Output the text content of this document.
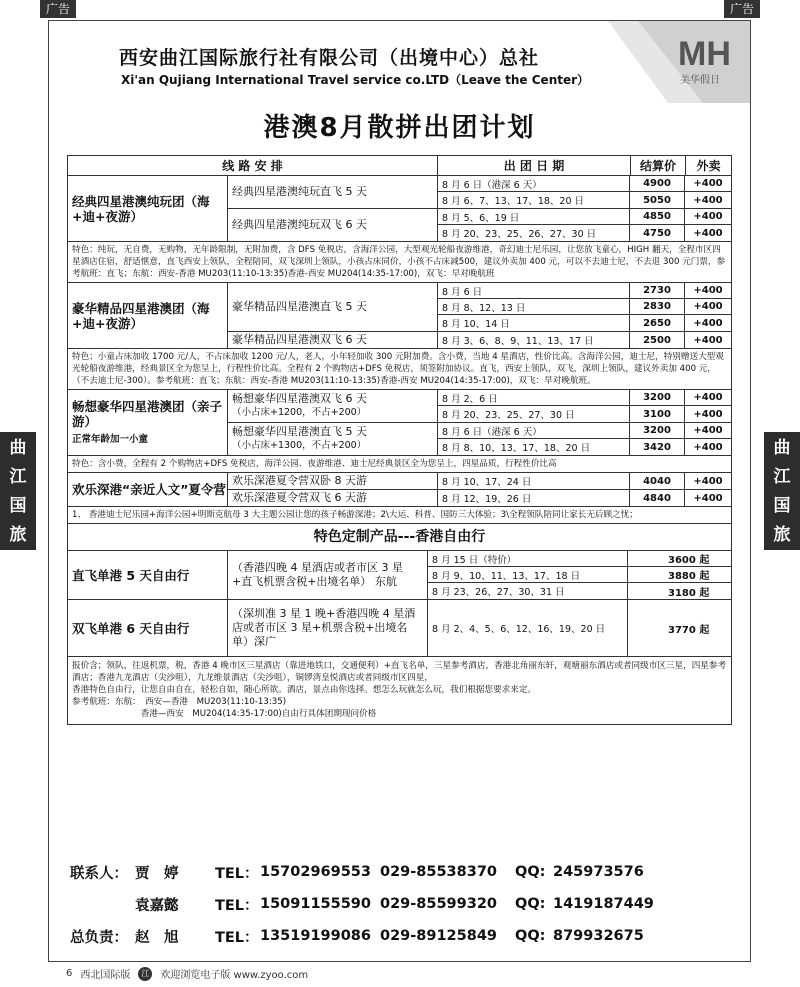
广告	广告
曲
江
国
旅
曲
江
国
旅
西安曲江国际旅行社有限公司（出境中心）总社
Xi'an Qujiang International Travel service co.LTD（Leave the Center）
MH
美华假日
港澳8月散拼出团计划
线 路 安 排	出 团 日 期	结算价	外卖
经典四星港澳纯玩团（海+迪+夜游）
经典四星港澳纯玩直飞 5 天	8 月 6 日（港深 6 天）	4900	+400
8 月 6、7、13、17、18、20 日	5050	+400
经典四星港澳纯玩双飞 6 天	8 月 5、6、19 日	4850	+400
8 月 20、23、25、26、27、30 日	4750	+400
特色：纯玩，无自费，无购物，无年龄限制，无附加费，含 DFS 免税店，含海洋公园，大型观光轮船夜游维港，奇幻迪士尼乐园，让您放飞童心，HIGH 翻天，全程市区四星酒店住宿，舒适惬意，直飞西安上领队，全程陪同，双飞深圳上领队，小孩占床同价，小孩不占床减500，建议外卖加 400 元，可以不去迪士尼，不去退 300 元门票，参考航班：直飞；东航：西安-香港 MU203(11:10-13:35)香港-西安 MU204(14:35-17:00)，双飞：早对晚航班
豪华精品四星港澳团（海+迪+夜游）
豪华精品四星港澳直飞 5 天
8 月 6 日	2730	+400
8 月 8、12、13 日	2830	+400
8 月 10、14 日	2650	+400
豪华精品四星港澳双飞 6 天	8 月 3、6、8、9、11、13、17 日	2500	+400
特色；小童占床加收 1700 元/人，不占床加收 1200 元/人，老人，小年轻加收 300 元附加费。含小费，当地 4 星酒店，性价比高。含海洋公园，迪士尼，特别赠送大型观光轮船夜游维港，经典景区全为您呈上，行程性价比高。全程有 2 个购物店+DFS 免税店，须签附加协议。直飞，西安上领队，双飞，深圳上领队，建议外卖加 400 元，（不去迪士尼-300）。参考航班：直飞；东航：西安-香港 MU203(11:10-13:35)香港-西安 MU204(14:35-17:00)，双飞：早对晚航班。
畅想豪华四星港澳团（亲子游）
正常年龄加一小童
畅想豪华四星港澳双飞 6 天
（小占床+1200，不占+200）
8 月 2、6 日	3200	+400
8 月 20、23、25、27、30 日	3100	+400
畅想豪华四星港澳直飞 5 天
（小占床+1300，不占+200）
8 月 6 日（港深 6 天）	3200	+400
8 月 8、10、13、17、18、20 日	3420	+400
特色：含小费，全程有 2 个购物店+DFS 免税店，海洋公园、夜游维港、迪士尼经典景区全为您呈上，四星品质，行程性价比高
欢乐深港“亲近人文”夏令营
欢乐深港夏令营双卧 8 天游	8 月 10、17、24 日	4040	+400
欢乐深港夏令营双飞 6 天游	8 月 12、19、26 日	4840	+400
1、 香港迪士尼乐园+海洋公园+明斯克航母 3 大主题公园让您的孩子畅游深港；2\大运、科普、国防三大体验；3\全程领队陪同让家长无后顾之忧；
特色定制产品---香港自由行
直飞单港 5 天自由行	（香港四晚 4 星酒店或者市区 3 星+直飞机票含税+出境名单） 东航
8 月 15 日（特价）	3600 起
8 月 9、10、11、13、17、18 日	3880 起
8 月 23、26、27、30、31 日	3180 起
双飞单港 6 天自由行
（深圳准 3 星 1 晚+香港四晚 4 星酒店或者市区 3 星+机票含税+出境名单）深广
8 月 2、4、5、6、12、16、19、20 日	3770 起
报价含；领队，往返机票，税，香港 4 晚市区三星酒店（靠进地铁口，交通便利）+直飞名单，三星参考酒店，香港北角丽东轩，观塘丽东酒店或者同级市区三星，四星参考酒店；香港九龙酒店（尖沙咀），九龙维景酒店（尖沙咀），铜锣湾皇悦酒店或者同级市区四星，
香港特色自由行，让您自由自在，轻松自如，随心所欲。酒店，景点由你选择。想怎么玩就怎么玩，我们根据您要求来定。
参考航班：东航：　西安—香港　MU203(11:10-13:35)
　　　　　　　　香港—西安　MU204(14:35-17:00)自由行具体团期现问价格
联系人： 贾　婷	TEL： 15702969553 029-85538370	QQ: 245973576
袁嘉懿	TEL： 15091155590 029-85599320	QQ: 1419187449
总负责： 赵　旭	TEL： 13519199086 029-89125849	QQ: 879932675
6 西北国际版	江	欢迎浏览电子版 www.zyoo.com
